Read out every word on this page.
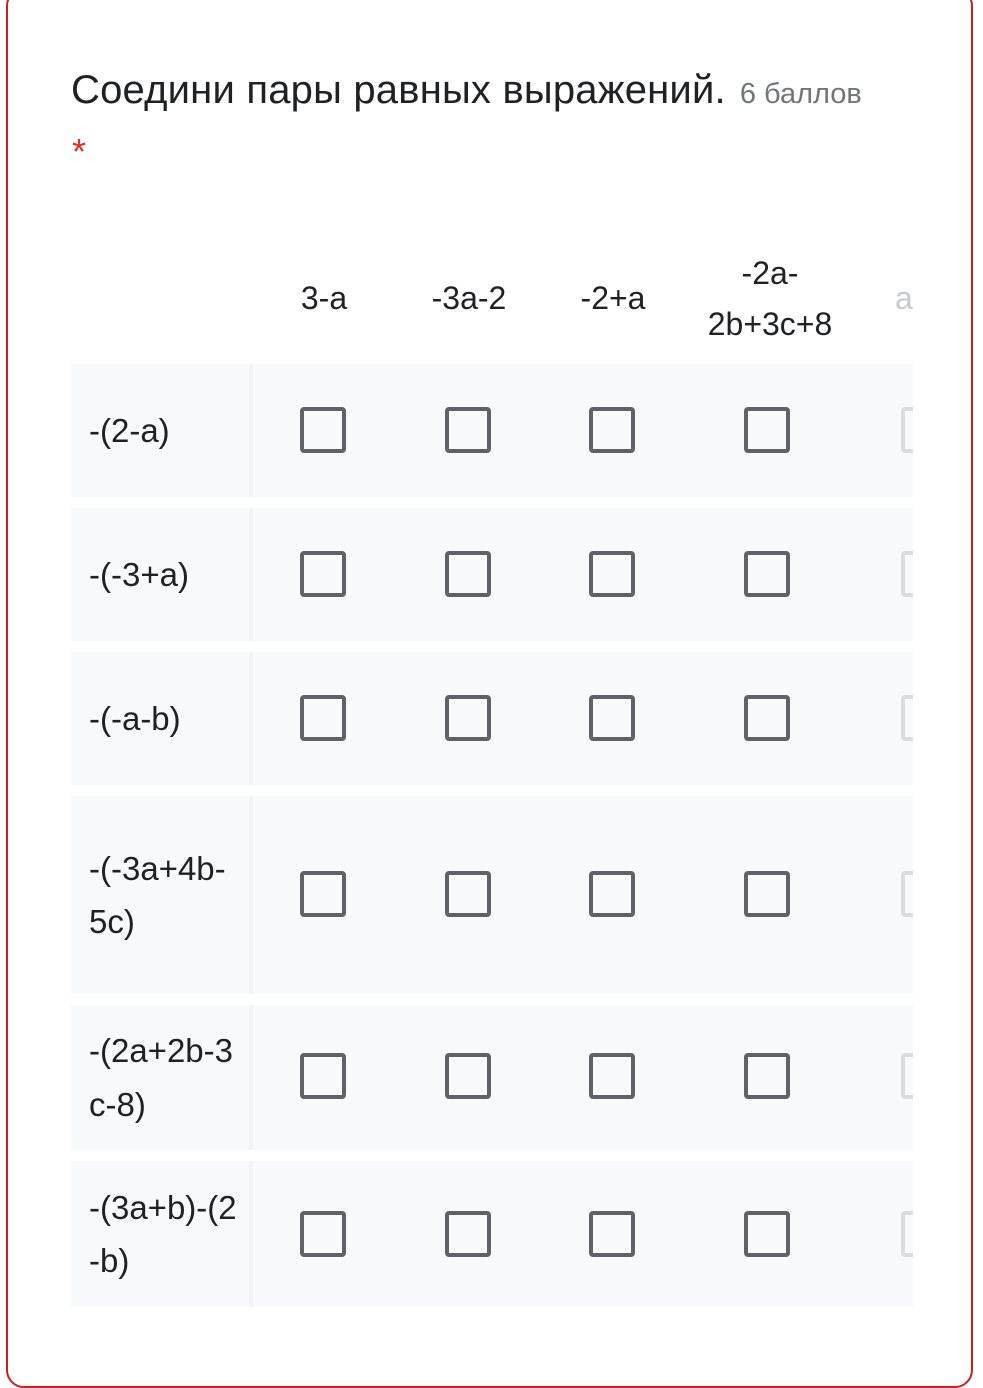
Соедини пары равных выражений. 6 баллов
*
3-a	-3a-2	-2+a
-2a-​2b+3c+8
a
-(2-a)
-(-3+a)
-(-a-b)
-​(-3a+4b-​5c)
-(2a+2b-​3c-8)
-(3a+b)-​(2-b)
